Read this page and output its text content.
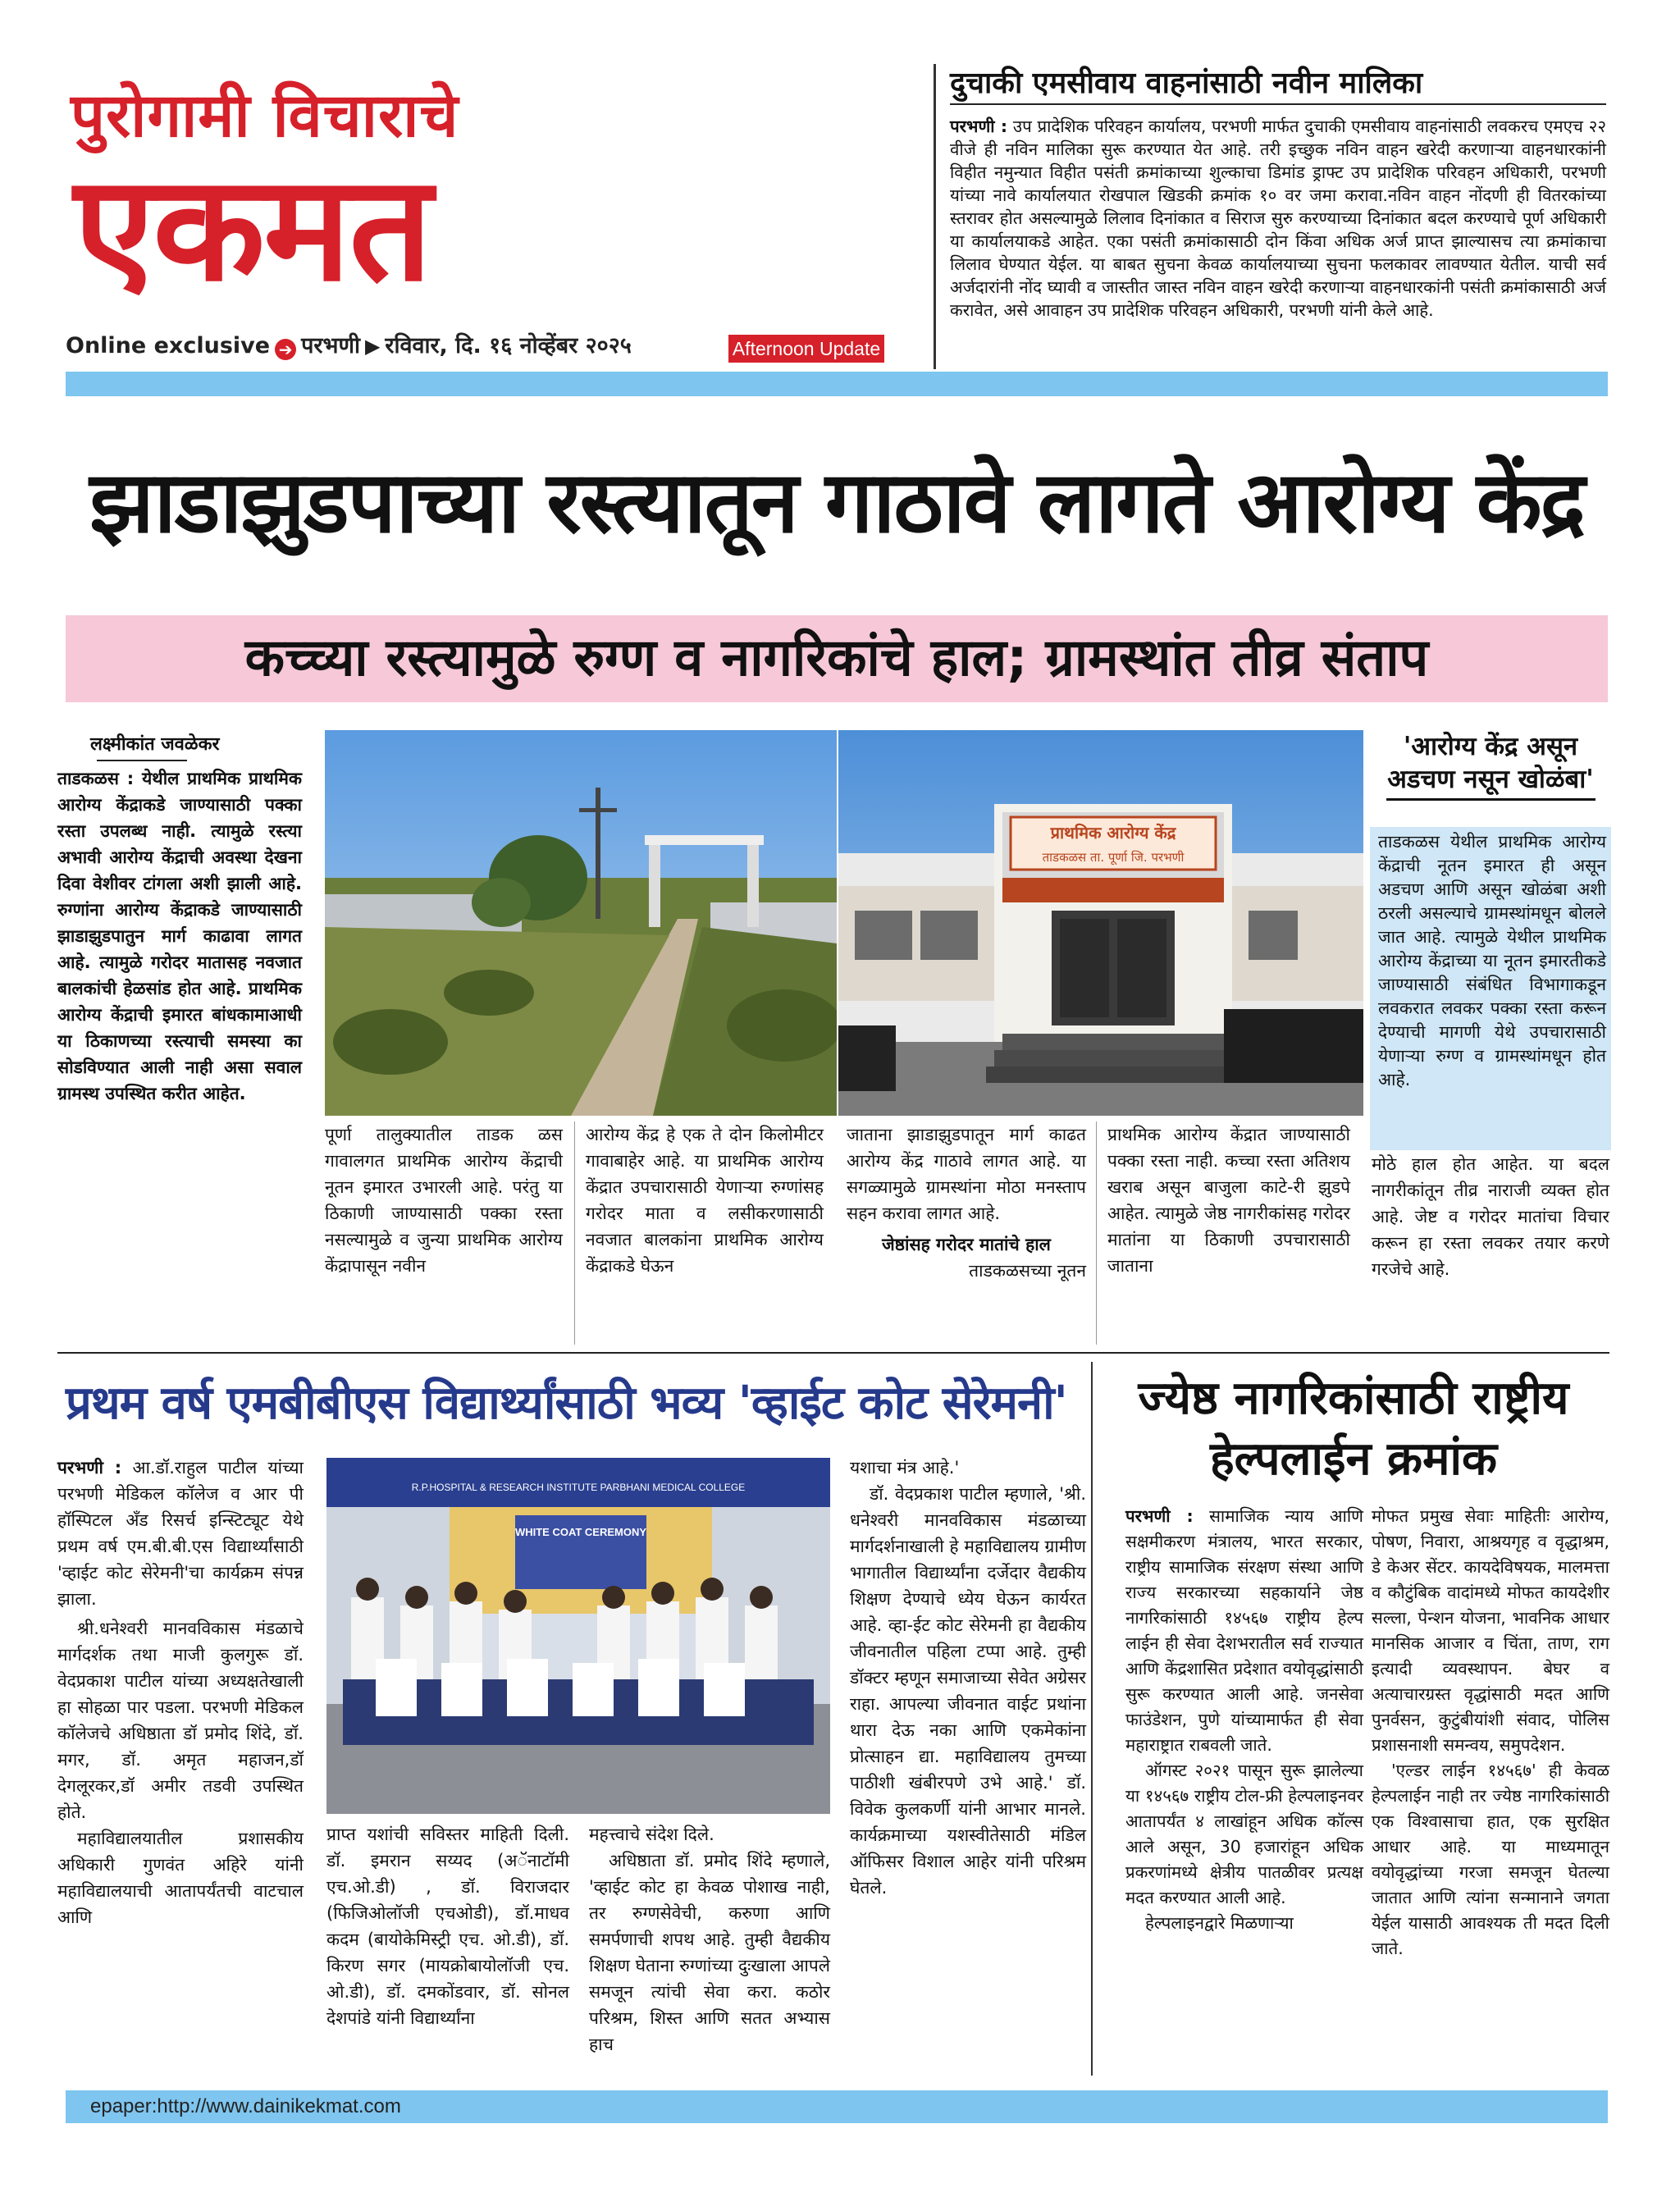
पुरोगामी विचाराचे
एकमत
Online exclusive ➔ परभणी ▶ रविवार, दि. १६ नोव्हेंबर २०२५	Afternoon Update
दुचाकी एमसीवाय वाहनांसाठी नवीन मालिका
परभणी : उप प्रादेशिक परिवहन कार्यालय, परभणी मार्फत दुचाकी एमसीवाय वाहनांसाठी लवकरच एमएच २२ वीजे ही नविन मालिका सुरू करण्यात येत आहे. तरी इच्छुक नविन वाहन खरेदी करणाऱ्या वाहनधारकांनी विहीत नमुन्यात विहीत पसंती क्रमांकाच्या शुल्काचा डिमांड ड्राफ्ट उप प्रादेशिक परिवहन अधिकारी, परभणी यांच्या नावे कार्यालयात रोखपाल खिडकी क्रमांक १० वर जमा करावा.नविन वाहन नोंदणी ही वितरकांच्या स्तरावर होत असल्यामुळे लिलाव दिनांकात व सिराज सुरु करण्याच्या दिनांकात बदल करण्याचे पूर्ण अधिकारी या कार्यालयाकडे आहेत. एका पसंती क्रमांकासाठी दोन किंवा अधिक अर्ज प्राप्त झाल्यासच त्या क्रमांकाचा लिलाव घेण्यात येईल. या बाबत सुचना केवळ कार्यालयाच्या सुचना फलकावर लावण्यात येतील. याची सर्व अर्जदारांनी नोंद घ्यावी व जास्तीत जास्त नविन वाहन खरेदी करणाऱ्या वाहनधारकांनी पसंती क्रमांकासाठी अर्ज करावेत, असे आवाहन उप प्रादेशिक परिवहन अधिकारी, परभणी यांनी केले आहे.
झाडाझुडपाच्या रस्त्यातून गाठावे लागते आरोग्य केंद्र
कच्च्या रस्त्यामुळे रुग्ण व नागरिकांचे हाल; ग्रामस्थांत तीव्र संताप
लक्ष्मीकांत जवळेकर
ताडकळस : येथील प्राथमिक प्राथमिक आरोग्य केंद्राकडे जाण्यासाठी पक्का रस्ता उपलब्ध नाही. त्यामुळे रस्त्या अभावी आरोग्य केंद्राची अवस्था देखना दिवा वेशीवर टांगला अशी झाली आहे. रुग्णांना आरोग्य केंद्राकडे जाण्यासाठी झाडाझुडपातुन मार्ग काढावा लागत आहे. त्यामुळे गरोदर मातासह नवजात बालकांची हेळसांड होत आहे. प्राथमिक आरोग्य केंद्राची इमारत बांधकामाआधी या ठिकाणच्या रस्त्याची समस्या का सोडविण्यात आली नाही असा सवाल ग्रामस्थ उपस्थित करीत आहेत.
प्राथमिक आरोग्य केंद्र
ताडकळस ता. पूर्णा जि. परभणी
पूर्णा तालुक्यातील ताडक ळस गावालगत प्राथमिक आरोग्य केंद्राची नूतन इमारत उभारली आहे. परंतु या ठिकाणी जाण्यासाठी पक्का रस्ता नसल्यामुळे व जुन्या प्राथमिक आरोग्य केंद्रापासून नवीन
आरोग्य केंद्र हे एक ते दोन किलोमीटर गावाबाहेर आहे. या प्राथमिक आरोग्य केंद्रात उपचारासाठी येणाऱ्या रुग्णांसह गरोदर माता व लसीकरणासाठी नवजात बालकांना प्राथमिक आरोग्य केंद्राकडे घेऊन
जाताना झाडाझुडपातून मार्ग काढत आरोग्य केंद्र गाठावे लागत आहे. या सगळ्यामुळे ग्रामस्थांना मोठा मनस्ताप सहन करावा लागत आहे.
जेष्ठांसह गरोदर मातांचे हाल
ताडकळसच्या नूतन
प्राथमिक आरोग्य केंद्रात जाण्यासाठी पक्का रस्ता नाही. कच्चा रस्ता अतिशय खराब असून बाजुला काटे-री झुडपे आहेत. त्यामुळे जेष्ठ नागरीकांसह गरोदर मातांना या ठिकाणी उपचारासाठी जाताना
मोठे हाल होत आहेत. या बदल नागरीकांतून तीव्र नाराजी व्यक्त होत आहे. जेष्ट व गरोदर मातांचा विचार करून हा रस्ता लवकर तयार करणे गरजेचे आहे.
'आरोग्य केंद्र असून अडचण नसून खोळंबा'
ताडकळस येथील प्राथमिक आरोग्य केंद्राची नूतन इमारत ही असून अडचण आणि असून खोळंबा अशी ठरली असल्याचे ग्रामस्थांमधून बोलले जात आहे. त्यामुळे येथील प्राथमिक आरोग्य केंद्राच्या या नूतन इमारतीकडे जाण्यासाठी संबंधित विभागाकडून लवकरात लवकर पक्का रस्ता करून देण्याची मागणी येथे उपचारासाठी येणाऱ्या रुग्ण व ग्रामस्थांमधून होत आहे.
प्रथम वर्ष एमबीबीएस विद्यार्थ्यांसाठी भव्य 'व्हाईट कोट सेरेमनी'	ज्येष्ठ नागरिकांसाठी राष्ट्रीय हेल्पलाईन क्रमांक
परभणी : आ.डॉ.राहुल पाटील यांच्या परभणी मेडिकल कॉलेज व आर पी हॉस्पिटल अँड रिसर्च इन्स्टिट्यूट येथे प्रथम वर्ष एम.बी.बी.एस विद्यार्थ्यांसाठी 'व्हाईट कोट सेरेमनी'चा कार्यक्रम संपन्न झाला.
श्री.धनेश्वरी मानवविकास मंडळाचे मार्गदर्शक तथा माजी कुलगुरू डॉ. वेदप्रकाश पाटील यांच्या अध्यक्षतेखाली हा सोहळा पार पडला. परभणी मेडिकल कॉलेजचे अधिष्ठाता डॉ प्रमोद शिंदे, डॉ. मगर, डॉ. अमृत महाजन,डॉ देगलूरकर,डॉ अमीर तडवी उपस्थित होते.
महाविद्यालयातील प्रशासकीय अधिकारी गुणवंत अहिरे यांनी महाविद्यालयाची आतापर्यंतची वाटचाल आणि
R.P.HOSPITAL & RESEARCH INSTITUTE PARBHANI MEDICAL COLLEGE
WHITE COAT CEREMONY
प्राप्त यशांची सविस्तर माहिती दिली. डॉ. इमरान सय्यद (अॅनाटॉमी एच.ओ.डी) , डॉ. विराजदार (फिजिओलॉजी एचओडी), डॉ.माधव कदम (बायोकेमिस्ट्री एच. ओ.डी), डॉ. किरण सगर (मायक्रोबायोलॉजी एच. ओ.डी), डॉ. दमकोंडवार, डॉ. सोनल देशपांडे यांनी विद्यार्थ्यांना
महत्त्वाचे संदेश दिले.
अधिष्ठाता डॉ. प्रमोद शिंदे म्हणाले, 'व्हाईट कोट हा केवळ पोशाख नाही, तर रुग्णसेवेची, करुणा आणि समर्पणाची शपथ आहे. तुम्ही वैद्यकीय शिक्षण घेताना रुग्णांच्या दुःखाला आपले समजून त्यांची सेवा करा. कठोर परिश्रम, शिस्त आणि सतत अभ्यास हाच
यशाचा मंत्र आहे.'
डॉ. वेदप्रकाश पाटील म्हणाले, 'श्री. धनेश्वरी मानवविकास मंडळाच्या मार्गदर्शनाखाली हे महाविद्यालय ग्रामीण भागातील विद्यार्थ्यांना दर्जेदार वैद्यकीय शिक्षण देण्याचे ध्येय घेऊन कार्यरत आहे. व्हा-ईट कोट सेरेमनी हा वैद्यकीय जीवनातील पहिला टप्पा आहे. तुम्ही डॉक्टर म्हणून समाजाच्या सेवेत अग्रेसर राहा. आपल्या जीवनात वाईट प्रथांना थारा देऊ नका आणि एकमेकांना प्रोत्साहन द्या. महाविद्यालय तुमच्या पाठीशी खंबीरपणे उभे आहे.' डॉ. विवेक कुलकर्णी यांनी आभार मानले. कार्यक्रमाच्या यशस्वीतेसाठी मंडिल ऑफिसर विशाल आहेर यांनी परिश्रम घेतले.
परभणी : सामाजिक न्याय आणि सक्षमीकरण मंत्रालय, भारत सरकार, राष्ट्रीय सामाजिक संरक्षण संस्था आणि राज्य सरकारच्या सहकार्याने जेष्ठ नागरिकांसाठी १४५६७ राष्ट्रीय हेल्प लाईन ही सेवा देशभरातील सर्व राज्यात आणि केंद्रशासित प्रदेशात वयोवृद्धांसाठी सुरू करण्यात आली आहे. जनसेवा फाउंडेशन, पुणे यांच्यामार्फत ही सेवा महाराष्ट्रात राबवली जाते.
ऑगस्ट २०२१ पासून सुरू झालेल्या या १४५६७ राष्ट्रीय टोल-फ्री हेल्पलाइनवर आतापर्यंत ४ लाखांहून अधिक कॉल्स आले असून, 30 हजारांहून अधिक प्रकरणांमध्ये क्षेत्रीय पातळीवर प्रत्यक्ष मदत करण्यात आली आहे.
हेल्पलाइनद्वारे मिळणाऱ्या
मोफत प्रमुख सेवाः माहितीः आरोग्य, पोषण, निवारा, आश्रयगृह व वृद्धाश्रम, डे केअर सेंटर. कायदेविषयक, मालमत्ता व कौटुंबिक वादांमध्ये मोफत कायदेशीर सल्ला, पेन्शन योजना, भावनिक आधार मानसिक आजार व चिंता, ताण, राग इत्यादी व्यवस्थापन. बेघर व अत्याचारग्रस्त वृद्धांसाठी मदत आणि पुनर्वसन, कुटुंबीयांशी संवाद, पोलिस प्रशासनाशी समन्वय, समुपदेशन.
'एल्डर लाईन १४५६७' ही केवळ हेल्पलाईन नाही तर ज्येष्ठ नागरिकांसाठी एक विश्वासाचा हात, एक सुरक्षित आधार आहे. या माध्यमातून वयोवृद्धांच्या गरजा समजून घेतल्या जातात आणि त्यांना सन्मानाने जगता येईल यासाठी आवश्यक ती मदत दिली जाते.
epaper:http://www.dainikekmat.com
